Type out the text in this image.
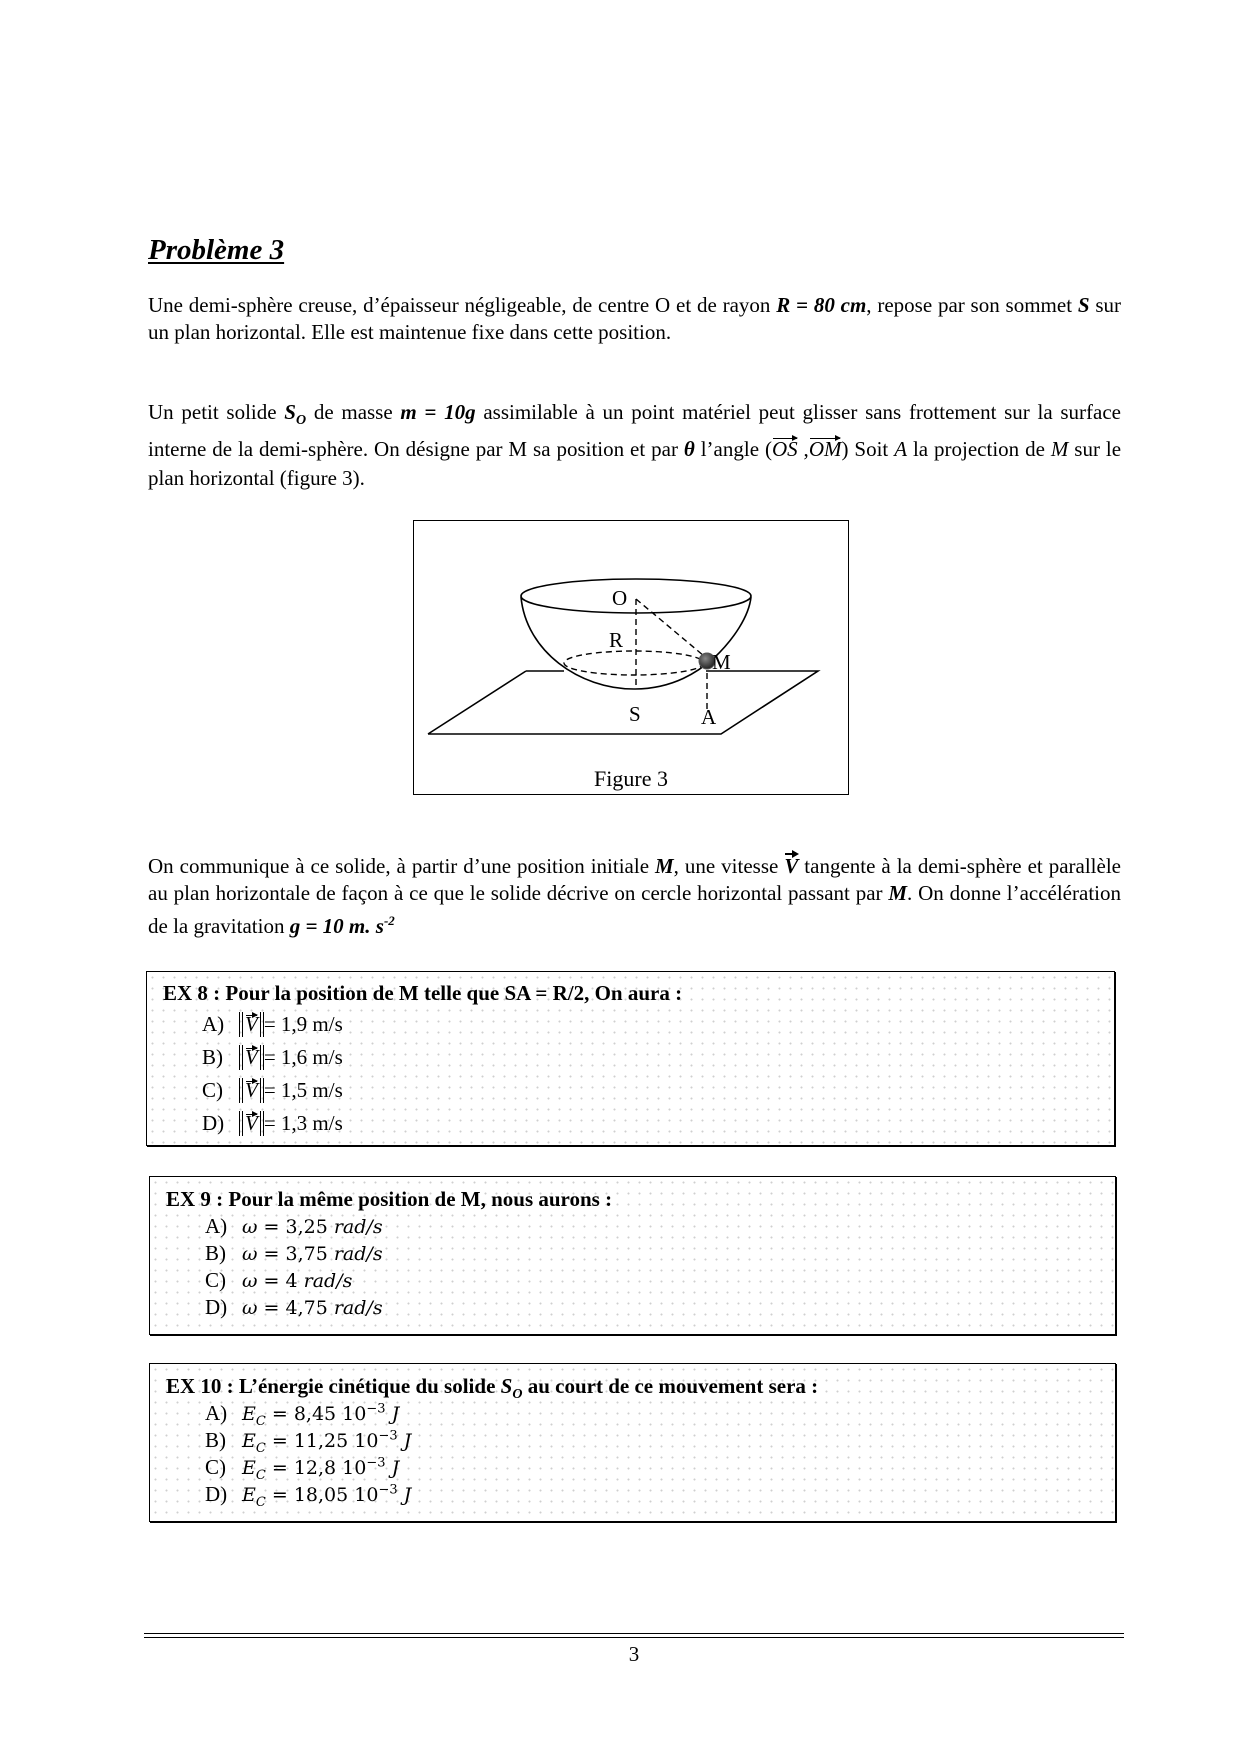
Problème 3

Une demi-sphère creuse, d’épaisseur négligeable, de centre O et de rayon R = 80 cm, repose par son sommet S sur un plan horizontal. Elle est maintenue fixe dans cette position.

Un petit solide $S_O$ de masse m = 10g assimilable à un point matériel peut glisser sans frottement sur la surface interne de la demi-sphère. On désigne par M sa position et par θ l’angle (OS ,OM) Soit A la projection de M sur le plan horizontal (figure 3).

O
R
M
S	A
Figure 3

On communique à ce solide, à partir d’une position initiale M, une vitesse V tangente à la demi-sphère et parallèle au plan horizontale de façon à ce que le solide décrive on cercle horizontal passant par M. On donne l’accélération de la gravitation g = 10 m. $s^{-2}$

EX 8 : Pour la position de M telle que SA = R/2, On aura :
A) V = 1,9 m/s
B) V = 1,6 m/s
C) V = 1,5 m/s
D) V = 1,3 m/s
EX 9 : Pour la même position de M, nous aurons :
A) ω = 3,25 rad/s
B) ω = 3,75 rad/s
C) ω = 4 rad/s
D) ω = 4,75 rad/s
EX 10 : L’énergie cinétique du solide $S_O$ au court de ce mouvement sera :
A) $E_C = 8,45$ $10^{-3}$ J
B) $E_C = 11,25$ $10^{-3}$ J
C) $E_C = 12,8$ $10^{-3}$ J
D) $E_C = 18,05$ $10^{-3}$ J
3
